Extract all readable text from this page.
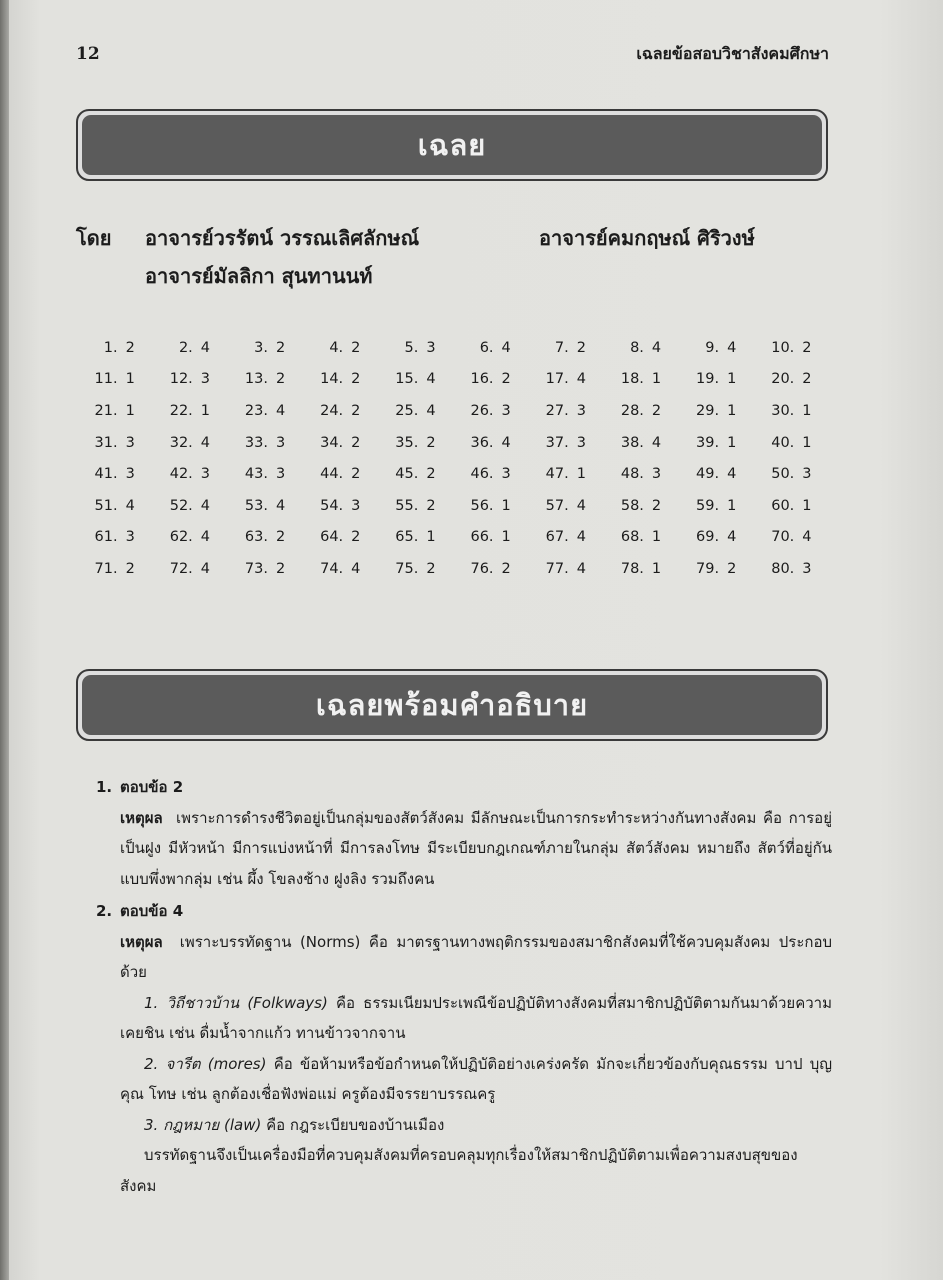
12	เฉลยข้อสอบวิชาสังคมศึกษา
เฉลย
โดย อาจารย์วรรัตน์ วรรณเลิศลักษณ์	อาจารย์คมกฤษณ์ ศิริวงษ์
อาจารย์มัลลิกา สุนทานนท์
1. 2	2. 4	3. 2	4. 2	5. 3	6. 4	7. 2	8. 4	9. 4	10. 2
11. 1	12. 3	13. 2	14. 2	15. 4	16. 2	17. 4	18. 1	19. 1	20. 2
21. 1	22. 1	23. 4	24. 2	25. 4	26. 3	27. 3	28. 2	29. 1	30. 1
31. 3	32. 4	33. 3	34. 2	35. 2	36. 4	37. 3	38. 4	39. 1	40. 1
41. 3	42. 3	43. 3	44. 2	45. 2	46. 3	47. 1	48. 3	49. 4	50. 3
51. 4	52. 4	53. 4	54. 3	55. 2	56. 1	57. 4	58. 2	59. 1	60. 1
61. 3	62. 4	63. 2	64. 2	65. 1	66. 1	67. 4	68. 1	69. 4	70. 4
71. 2	72. 4	73. 2	74. 4	75. 2	76. 2	77. 4	78. 1	79. 2	80. 3
เฉลยพร้อมคำอธิบาย
1. ตอบข้อ 2
เหตุผล เพราะการดำรงชีวิตอยู่เป็นกลุ่มของสัตว์สังคม มีลักษณะเป็นการกระทำระหว่างกันทางสังคม คือ การอยู่เป็นฝูง มีหัวหน้า มีการแบ่งหน้าที่ มีการลงโทษ มีระเบียบกฎเกณฑ์ภายในกลุ่ม สัตว์สังคม หมายถึง สัตว์ที่อยู่กันแบบพึ่งพากลุ่ม เช่น ผึ้ง โขลงช้าง ฝูงลิง รวมถึงคน
2. ตอบข้อ 4
เหตุผล เพราะบรรทัดฐาน (Norms) คือ มาตรฐานทางพฤติกรรมของสมาชิกสังคมที่ใช้ควบคุมสังคม ประกอบด้วย
1. วิถีชาวบ้าน (Folkways) คือ ธรรมเนียมประเพณีข้อปฏิบัติทางสังคมที่สมาชิกปฏิบัติตามกันมาด้วยความเคยชิน เช่น ดื่มน้ำจากแก้ว ทานข้าวจากจาน
2. จารีต (mores) คือ ข้อห้ามหรือข้อกำหนดให้ปฏิบัติอย่างเคร่งครัด มักจะเกี่ยวข้องกับคุณธรรม บาป บุญ คุณ โทษ เช่น ลูกต้องเชื่อฟังพ่อแม่ ครูต้องมีจรรยาบรรณครู
3. กฎหมาย (law) คือ กฎระเบียบของบ้านเมือง
บรรทัดฐานจึงเป็นเครื่องมือที่ควบคุมสังคมที่ครอบคลุมทุกเรื่องให้สมาชิกปฏิบัติตามเพื่อความสงบสุขของสังคม
